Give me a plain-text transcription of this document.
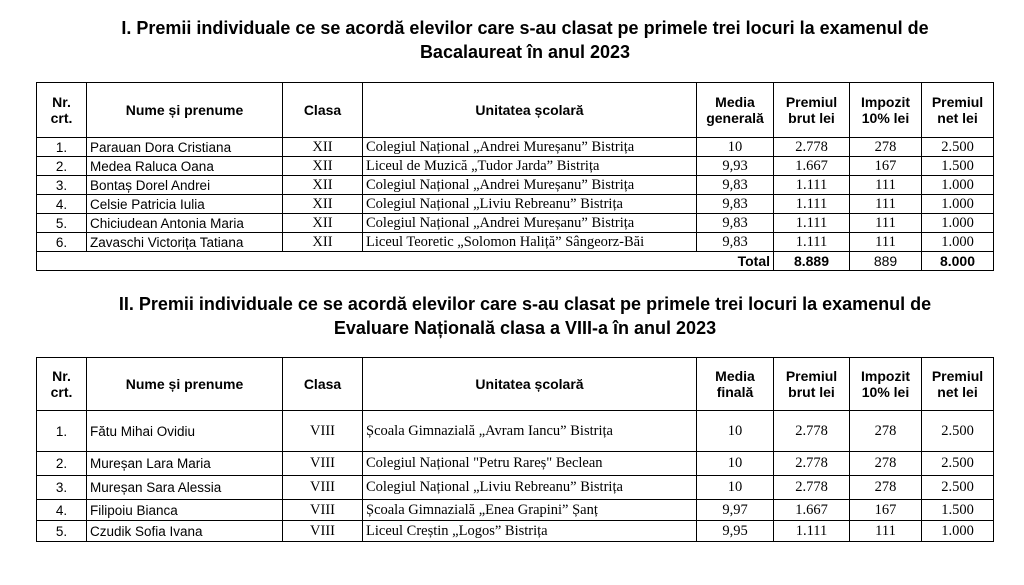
I. Premii individuale ce se acordă elevilor care s-au clasat pe primele trei locuri la examenul de
Bacalaureat în anul 2023
Nr. crt.	Nume și prenume	Clasa	Unitatea școlară	Media generală	Premiul brut lei	Impozit 10% lei	Premiul net lei
1.	Parauan Dora Cristiana	XII	Colegiul Național „Andrei Mureșanu” Bistrița	10	2.778	278	2.500
2.	Medea Raluca Oana	XII	Liceul de Muzică „Tudor Jarda” Bistrița	9,93	1.667	167	1.500
3.	Bontaș Dorel Andrei	XII	Colegiul Național „Andrei Mureșanu” Bistrița	9,83	1.111	111	1.000
4.	Celsie Patricia Iulia	XII	Colegiul Național „Liviu Rebreanu” Bistrița	9,83	1.111	111	1.000
5.	Chiciudean Antonia Maria	XII	Colegiul Național „Andrei Mureșanu” Bistrița	9,83	1.111	111	1.000
6.	Zavaschi Victorița Tatiana	XII	Liceul Teoretic „Solomon Haliță” Sângeorz-Băi	9,83	1.111	111	1.000
Total					8.889	889	8.000
II. Premii individuale ce se acordă elevilor care s-au clasat pe primele trei locuri la examenul de
Evaluare Națională clasa a VIII-a în anul 2023
Nr. crt.	Nume și prenume	Clasa	Unitatea școlară	Media finală	Premiul brut lei	Impozit 10% lei	Premiul net lei
1.	Fătu Mihai Ovidiu	VIII	Școala Gimnazială „Avram Iancu” Bistrița	10	2.778	278	2.500
2.	Mureșan Lara Maria	VIII	Colegiul Național "Petru Rareș" Beclean	10	2.778	278	2.500
3.	Mureșan Sara Alessia	VIII	Colegiul Național „Liviu Rebreanu” Bistrița	10	2.778	278	2.500
4.	Filipoiu Bianca	VIII	Școala Gimnazială „Enea Grapini” Șanț	9,97	1.667	167	1.500
5.	Czudik Sofia Ivana	VIII	Liceul Creștin „Logos” Bistrița	9,95	1.111	111	1.000
